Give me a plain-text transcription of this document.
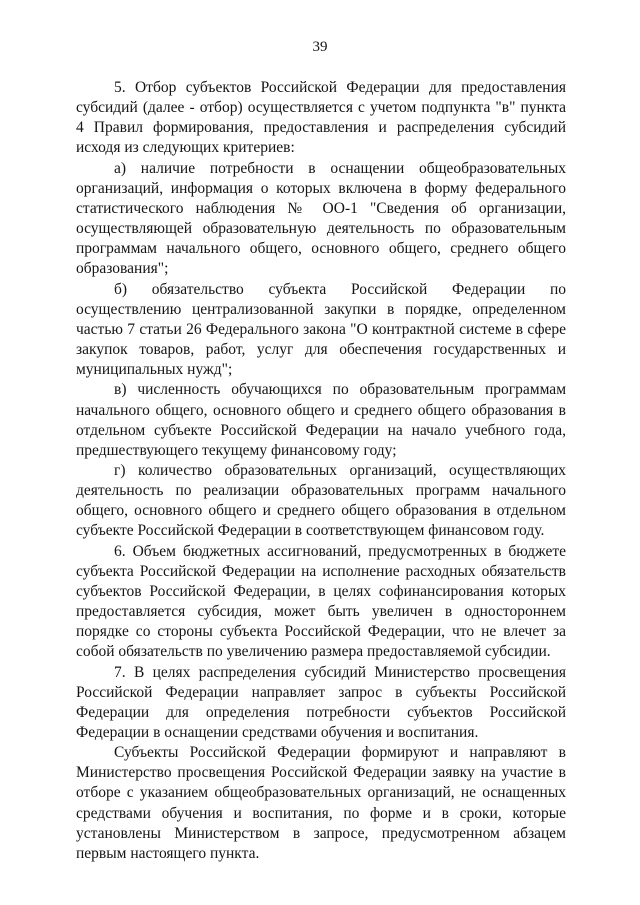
39

5. Отбор субъектов Российской Федерации для предоставления субсидий (далее - отбор) осуществляется с учетом подпункта "в" пункта 4 Правил формирования, предоставления и распределения субсидий исходя из следующих критериев:

а) наличие потребности в оснащении общеобразовательных организаций, информация о которых включена в форму федерального статистического наблюдения № ОО-1 "Сведения об организации, осуществляющей образовательную деятельность по образовательным программам начального общего, основного общего, среднего общего образования";

б) обязательство субъекта Российской Федерации по осуществлению централизованной закупки в порядке, определенном частью 7 статьи 26 Федерального закона "О контрактной системе в сфере закупок товаров, работ, услуг для обеспечения государственных и муниципальных нужд";

в) численность обучающихся по образовательным программам начального общего, основного общего и среднего общего образования в отдельном субъекте Российской Федерации на начало учебного года, предшествующего текущему финансовому году;

г) количество образовательных организаций, осуществляющих деятельность по реализации образовательных программ начального общего, основного общего и среднего общего образования в отдельном субъекте Российской Федерации в соответствующем финансовом году.

6. Объем бюджетных ассигнований, предусмотренных в бюджете субъекта Российской Федерации на исполнение расходных обязательств субъектов Российской Федерации, в целях софинансирования которых предоставляется субсидия, может быть увеличен в одностороннем порядке со стороны субъекта Российской Федерации, что не влечет за собой обязательств по увеличению размера предоставляемой субсидии.

7. В целях распределения субсидий Министерство просвещения Российской Федерации направляет запрос в субъекты Российской Федерации для определения потребности субъектов Российской Федерации в оснащении средствами обучения и воспитания.

Субъекты Российской Федерации формируют и направляют в Министерство просвещения Российской Федерации заявку на участие в отборе с указанием общеобразовательных организаций, не оснащенных средствами обучения и воспитания, по форме и в сроки, которые установлены Министерством в запросе, предусмотренном абзацем первым настоящего пункта.
